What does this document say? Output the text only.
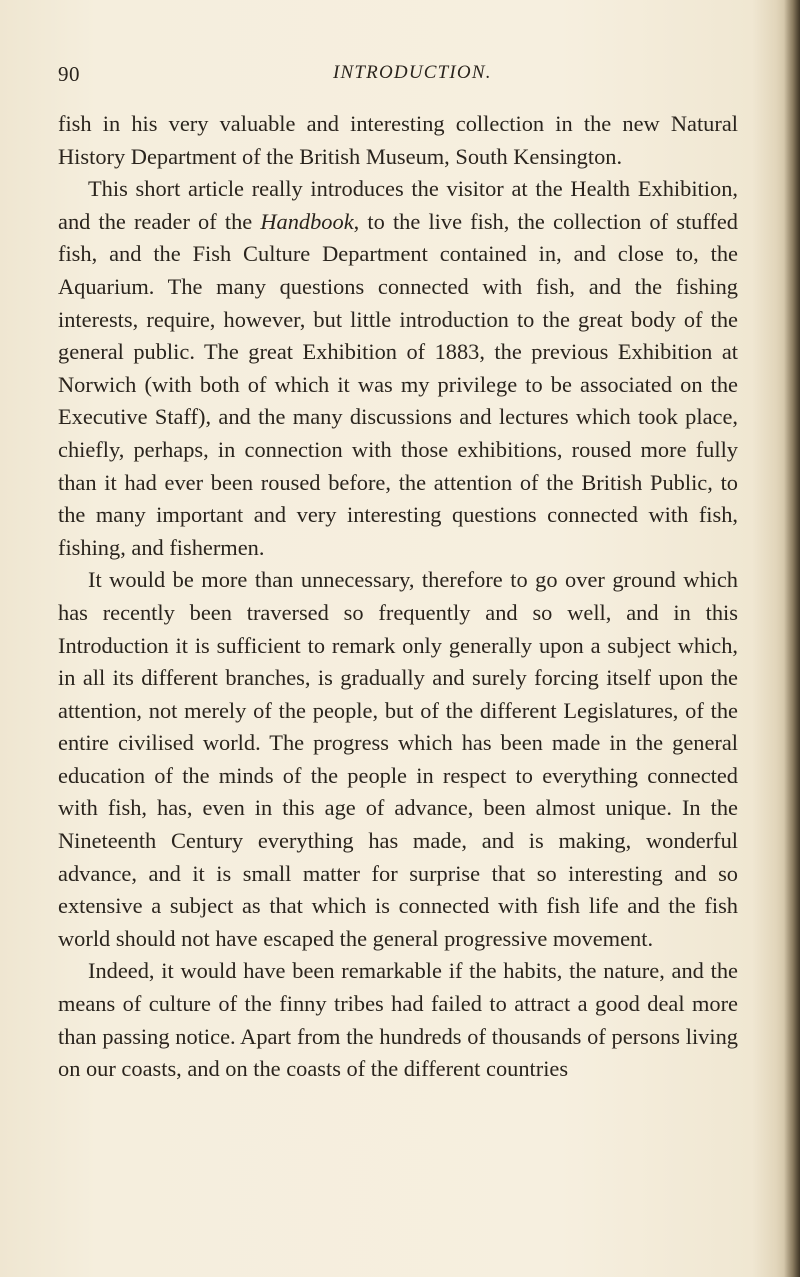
90	INTRODUCTION.

fish in his very valuable and interesting collection in the new Natural History Department of the British Museum, South Kensington.

This short article really introduces the visitor at the Health Exhibition, and the reader of the Handbook, to the live fish, the collection of stuffed fish, and the Fish Culture Department contained in, and close to, the Aquarium. The many questions connected with fish, and the fishing interests, require, however, but little introduction to the great body of the general public. The great Exhibition of 1883, the previous Exhibition at Norwich (with both of which it was my privilege to be associated on the Executive Staff), and the many discussions and lectures which took place, chiefly, perhaps, in connection with those exhibitions, roused more fully than it had ever been roused before, the attention of the British Public, to the many important and very interesting questions connected with fish, fishing, and fishermen.

It would be more than unnecessary, therefore to go over ground which has recently been traversed so frequently and so well, and in this Introduction it is sufficient to remark only generally upon a subject which, in all its different branches, is gradually and surely forcing itself upon the attention, not merely of the people, but of the different Legislatures, of the entire civilised world. The progress which has been made in the general education of the minds of the people in respect to everything connected with fish, has, even in this age of advance, been almost unique. In the Nineteenth Century everything has made, and is making, wonderful advance, and it is small matter for surprise that so interesting and so extensive a subject as that which is connected with fish life and the fish world should not have escaped the general progressive movement.

Indeed, it would have been remarkable if the habits, the nature, and the means of culture of the finny tribes had failed to attract a good deal more than passing notice. Apart from the hundreds of thousands of persons living on our coasts, and on the coasts of the different countries
